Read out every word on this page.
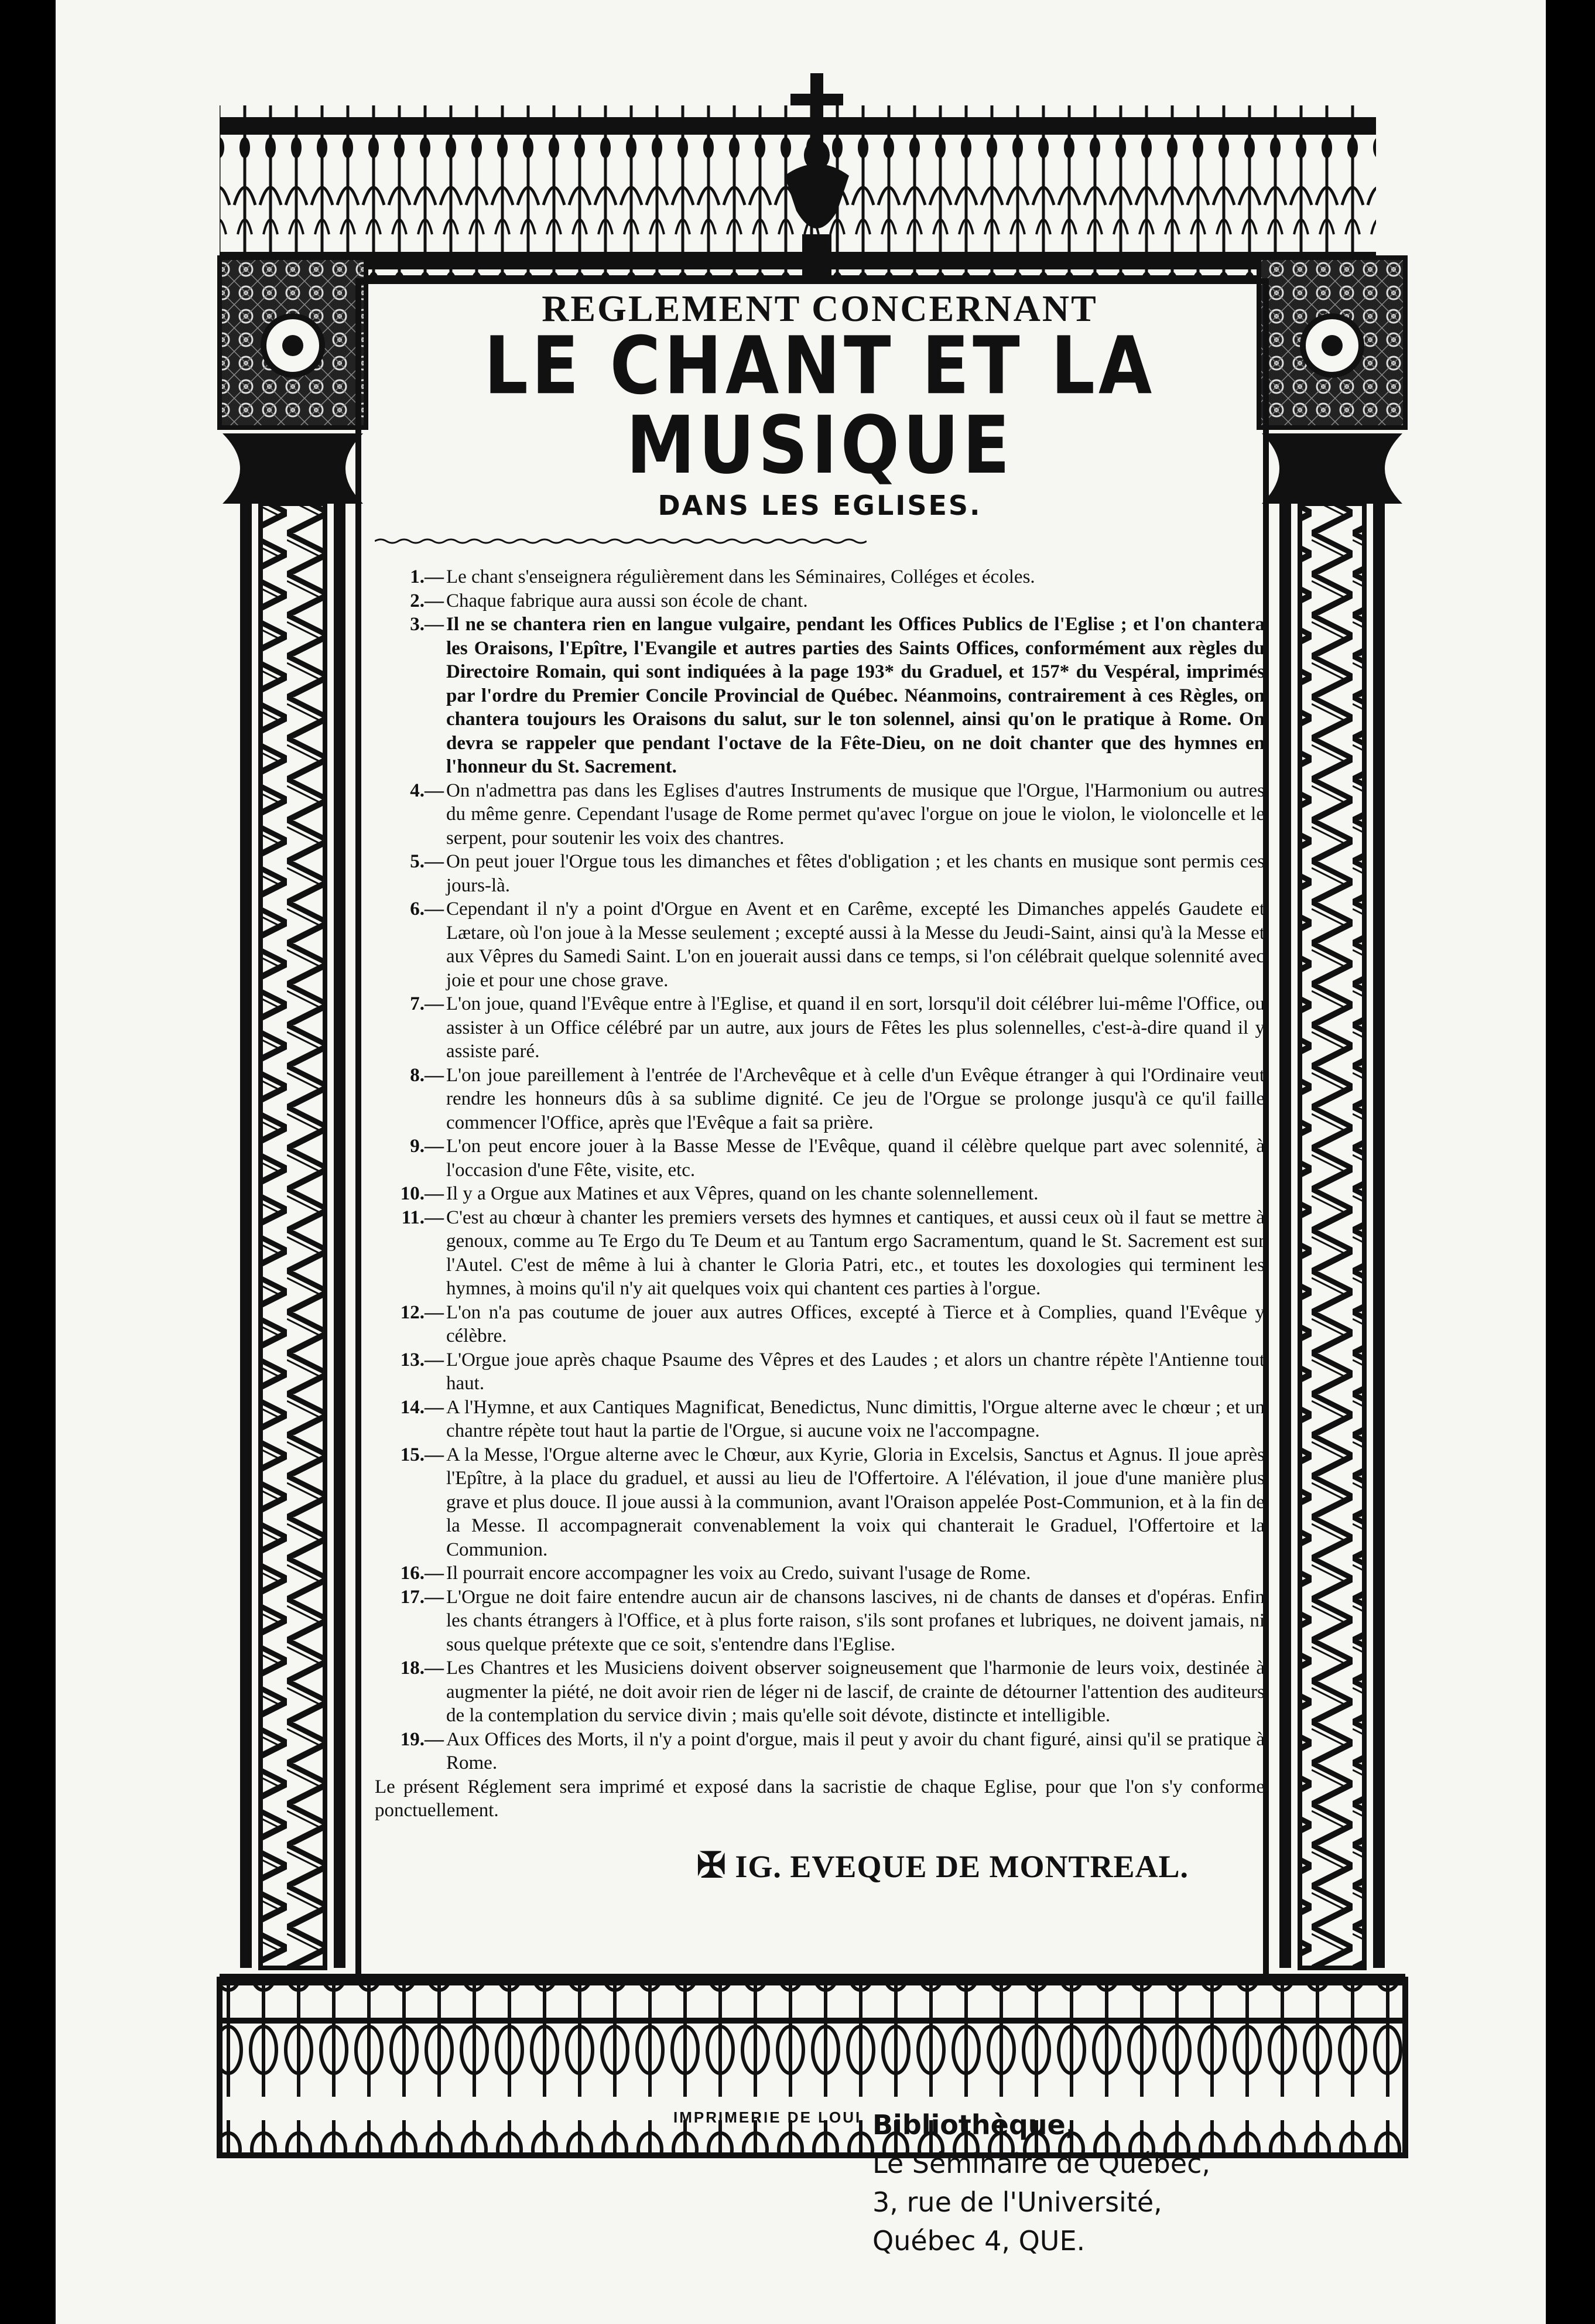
REGLEMENT CONCERNANT
LE CHANT ET LA MUSIQUE
DANS LES EGLISES.
1.— Le chant s'enseignera régulièrement dans les Séminaires, Colléges et écoles.
2.— Chaque fabrique aura aussi son école de chant.
3.— Il ne se chantera rien en langue vulgaire, pendant les Offices Publics de l'Eglise ; et l'on chantera les Oraisons, l'Epître, l'Evangile et autres parties des Saints Offices, conformément aux règles du Directoire Romain, qui sont indiquées à la page 193* du Graduel, et 157* du Vespéral, imprimés par l'ordre du Premier Concile Provincial de Québec. Néanmoins, contrairement à ces Règles, on chantera toujours les Oraisons du salut, sur le ton solennel, ainsi qu'on le pratique à Rome. On devra se rappeler que pendant l'octave de la Fête-Dieu, on ne doit chanter que des hymnes en l'honneur du St. Sacrement.
4.— On n'admettra pas dans les Eglises d'autres Instruments de musique que l'Orgue, l'Harmonium ou autres du même genre. Cependant l'usage de Rome permet qu'avec l'orgue on joue le violon, le violoncelle et le serpent, pour soutenir les voix des chantres.
5.— On peut jouer l'Orgue tous les dimanches et fêtes d'obligation ; et les chants en musique sont permis ces jours-là.
6.— Cependant il n'y a point d'Orgue en Avent et en Carême, excepté les Dimanches appelés Gaudete et Lætare, où l'on joue à la Messe seulement ; excepté aussi à la Messe du Jeudi-Saint, ainsi qu'à la Messe et aux Vêpres du Samedi Saint. L'on en jouerait aussi dans ce temps, si l'on célébrait quelque solennité avec joie et pour une chose grave.
7.— L'on joue, quand l'Evêque entre à l'Eglise, et quand il en sort, lorsqu'il doit célébrer lui-même l'Office, ou assister à un Office célébré par un autre, aux jours de Fêtes les plus solennelles, c'est-à-dire quand il y assiste paré.
8.— L'on joue pareillement à l'entrée de l'Archevêque et à celle d'un Evêque étranger à qui l'Ordinaire veut rendre les honneurs dûs à sa sublime dignité. Ce jeu de l'Orgue se prolonge jusqu'à ce qu'il faille commencer l'Office, après que l'Evêque a fait sa prière.
9.— L'on peut encore jouer à la Basse Messe de l'Evêque, quand il célèbre quelque part avec solennité, à l'occasion d'une Fête, visite, etc.
10.— Il y a Orgue aux Matines et aux Vêpres, quand on les chante solennellement.
11.— C'est au chœur à chanter les premiers versets des hymnes et cantiques, et aussi ceux où il faut se mettre à genoux, comme au Te Ergo du Te Deum et au Tantum ergo Sacramentum, quand le St. Sacrement est sur l'Autel. C'est de même à lui à chanter le Gloria Patri, etc., et toutes les doxologies qui terminent les hymnes, à moins qu'il n'y ait quelques voix qui chantent ces parties à l'orgue.
12.— L'on n'a pas coutume de jouer aux autres Offices, excepté à Tierce et à Complies, quand l'Evêque y célèbre.
13.— L'Orgue joue après chaque Psaume des Vêpres et des Laudes ; et alors un chantre répète l'Antienne tout haut.
14.— A l'Hymne, et aux Cantiques Magnificat, Benedictus, Nunc dimittis, l'Orgue alterne avec le chœur ; et un chantre répète tout haut la partie de l'Orgue, si aucune voix ne l'accompagne.
15.— A la Messe, l'Orgue alterne avec le Chœur, aux Kyrie, Gloria in Excelsis, Sanctus et Agnus. Il joue après l'Epître, à la place du graduel, et aussi au lieu de l'Offertoire. A l'élévation, il joue d'une manière plus grave et plus douce. Il joue aussi à la communion, avant l'Oraison appelée Post-Communion, et à la fin de la Messe. Il accompagnerait convenablement la voix qui chanterait le Graduel, l'Offertoire et la Communion.
16.— Il pourrait encore accompagner les voix au Credo, suivant l'usage de Rome.
17.— L'Orgue ne doit faire entendre aucun air de chansons lascives, ni de chants de danses et d'opéras. Enfin les chants étrangers à l'Office, et à plus forte raison, s'ils sont profanes et lubriques, ne doivent jamais, ni sous quelque prétexte que ce soit, s'entendre dans l'Eglise.
18.— Les Chantres et les Musiciens doivent observer soigneusement que l'harmonie de leurs voix, destinée à augmenter la piété, ne doit avoir rien de léger ni de lascif, de crainte de détourner l'attention des auditeurs de la contemplation du service divin ; mais qu'elle soit dévote, distincte et intelligible.
19.— Aux Offices des Morts, il n'y a point d'orgue, mais il peut y avoir du chant figuré, ainsi qu'il se pratique à Rome.
Le présent Réglement sera imprimé et exposé dans la sacristie de chaque Eglise, pour que l'on s'y conforme ponctuellement.
✠ IG. EVEQUE DE MONTREAL.
IMPRIMERIE DE LOUI Bibliothèque,
Le Séminaire de Québec,
3, rue de l'Université,
Québec 4, QUE.
